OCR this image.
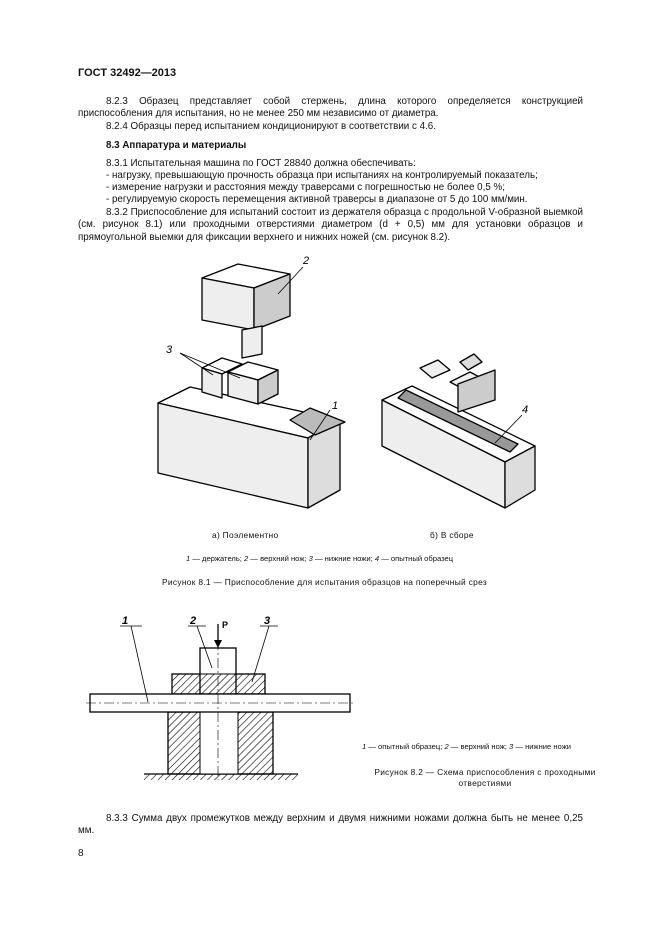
ГОСТ 32492—2013
8.2.3 Образец представляет собой стержень, длина которого определяется конструкцией приспособления для испытания, но не менее 250 мм независимо от диаметра.
8.2.4 Образцы перед испытанием кондиционируют в соответствии с 4.6.
8.3 Аппаратура и материалы
8.3.1 Испытательная машина по ГОСТ 28840 должна обеспечивать:
- нагрузку, превышающую прочность образца при испытаниях на контролируемый показатель;
- измерение нагрузки и расстояния между траверсами с погрешностью не более 0,5 %;
- регулируемую скорость перемещения активной траверсы в диапазоне от 5 до 100 мм/мин.
8.3.2 Приспособление для испытаний состоит из держателя образца с продольной V-образной выемкой (см. рисунок 8.1) или проходными отверстиями диаметром (d + 0,5) мм для установки образцов и прямоугольной выемки для фиксации верхнего и нижних ножей (см. рисунок 8.2).
2
3
1	4
а) Поэлементно	б) В сборе
1 — держатель; 2 — верхний нож; 3 — нижние ножи; 4 — опытный образец
Рисунок 8.1 — Приспособление для испытания образцов на поперечный срез
P
1	2	3
1 — опытный образец; 2 — верхний нож; 3 — нижние ножи
Рисунок 8.2 — Схема приспособления с проходными
отверстиями
8.3.3 Сумма двух промежутков между верхним и двумя нижними ножами должна быть не менее 0,25 мм.
8
